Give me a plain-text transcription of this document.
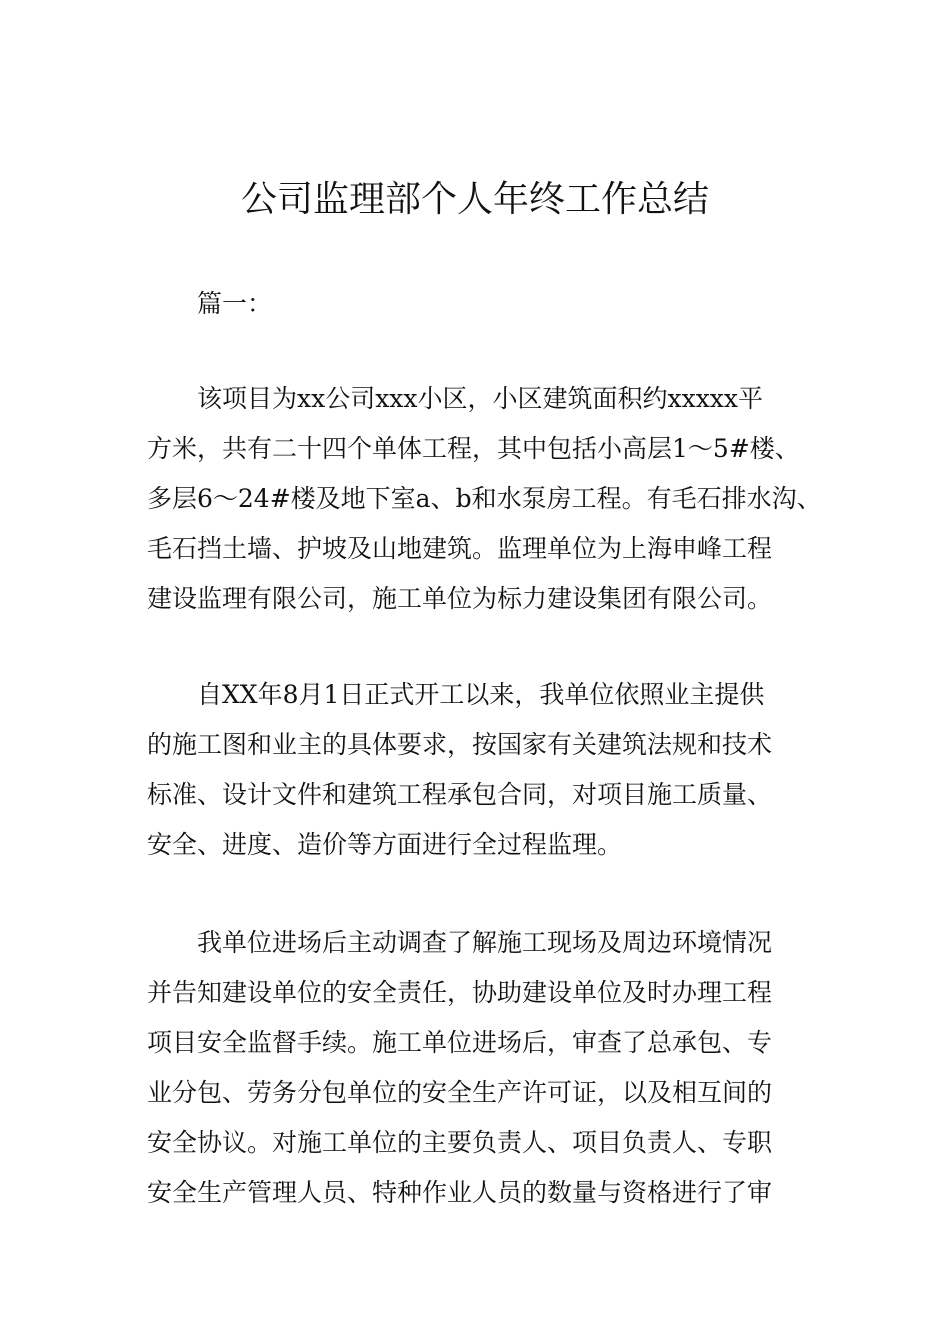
公司监理部个人年终工作总结
篇一：
该项目为xx公司xxx小区，小区建筑面积约xxxxx平
方米，共有二十四个单体工程，其中包括小高层1～5#楼、
多层6～24#楼及地下室a、b和水泵房工程。有毛石排水沟、
毛石挡土墙、护坡及山地建筑。监理单位为上海申峰工程
建设监理有限公司，施工单位为标力建设集团有限公司。
自XX年8月1日正式开工以来，我单位依照业主提供
的施工图和业主的具体要求，按国家有关建筑法规和技术
标准、设计文件和建筑工程承包合同，对项目施工质量、
安全、进度、造价等方面进行全过程监理。
我单位进场后主动调查了解施工现场及周边环境情况
并告知建设单位的安全责任，协助建设单位及时办理工程
项目安全监督手续。施工单位进场后，审查了总承包、专
业分包、劳务分包单位的安全生产许可证，以及相互间的
安全协议。对施工单位的主要负责人、项目负责人、专职
安全生产管理人员、特种作业人员的数量与资格进行了审
